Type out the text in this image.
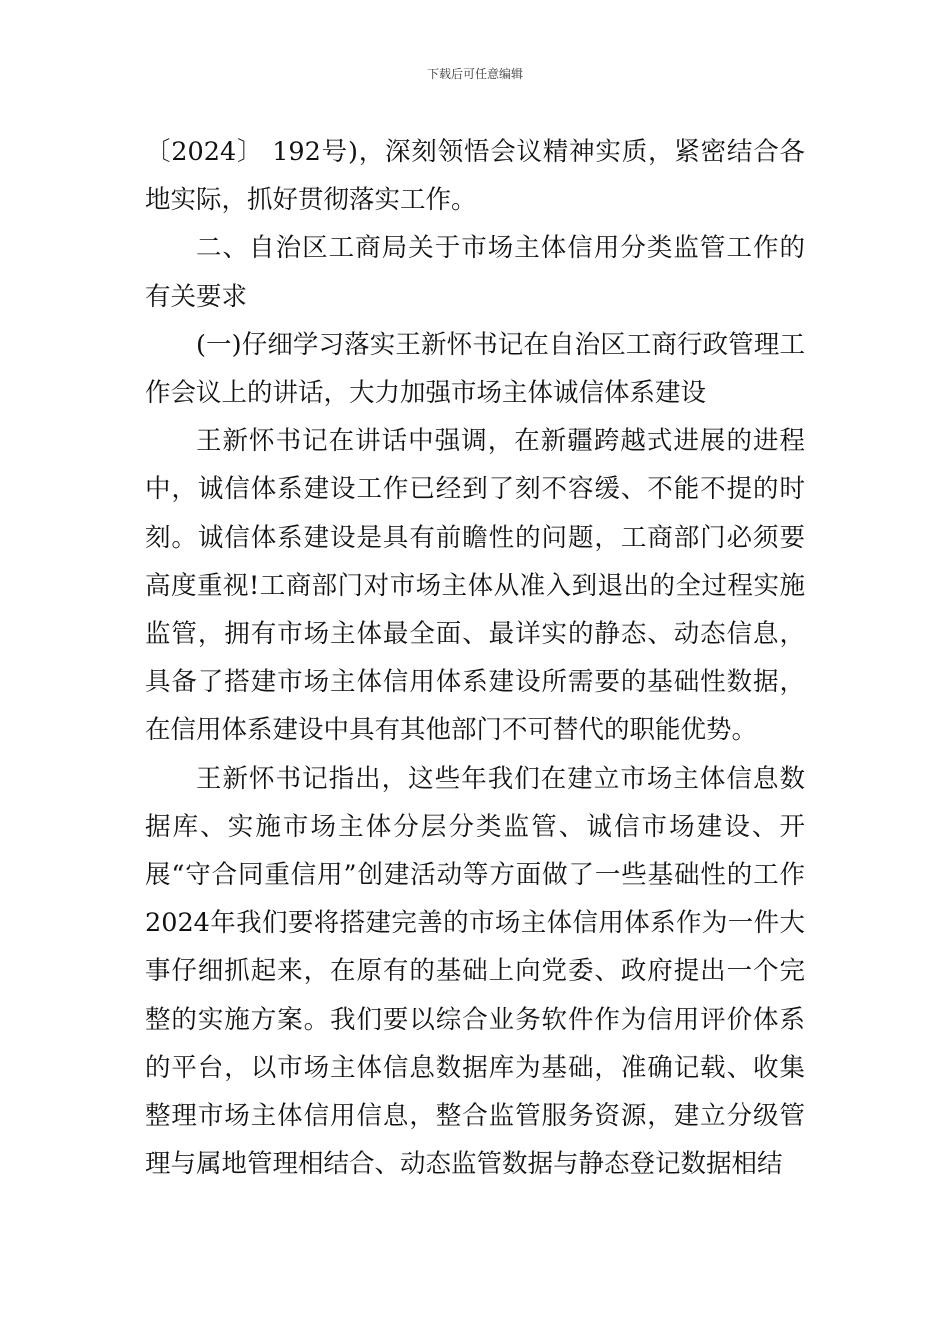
下载后可任意编辑

〔2024〕 192号)，深刻领悟会议精神实质，紧密结合各地实际，抓好贯彻落实工作。

二、自治区工商局关于市场主体信用分类监管工作的有关要求

(一)仔细学习落实王新怀书记在自治区工商行政管理工作会议上的讲话，大力加强市场主体诚信体系建设

王新怀书记在讲话中强调，在新疆跨越式进展的进程中，诚信体系建设工作已经到了刻不容缓、不能不提的时刻。诚信体系建设是具有前瞻性的问题，工商部门必须要高度重视!工商部门对市场主体从准入到退出的全过程实施监管，拥有市场主体最全面、最详实的静态、动态信息，具备了搭建市场主体信用体系建设所需要的基础性数据，在信用体系建设中具有其他部门不可替代的职能优势。

王新怀书记指出，这些年我们在建立市场主体信息数据库、实施市场主体分层分类监管、诚信市场建设、开展“守合同重信用”创建活动等方面做了一些基础性的工作2024年我们要将搭建完善的市场主体信用体系作为一件大事仔细抓起来，在原有的基础上向党委、政府提出一个完整的实施方案。我们要以综合业务软件作为信用评价体系的平台，以市场主体信息数据库为基础，准确记载、收集整理市场主体信用信息，整合监管服务资源，建立分级管理与属地管理相结合、动态监管数据与静态登记数据相结
